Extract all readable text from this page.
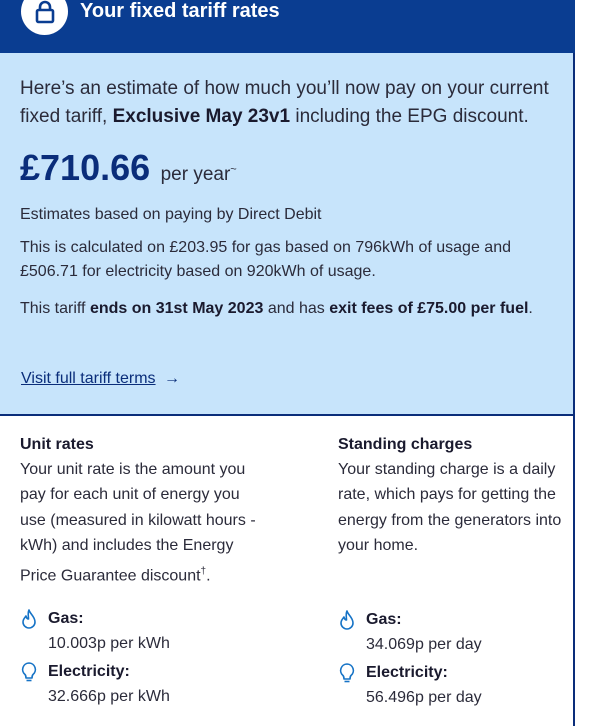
Your fixed tariff rates
Here’s an estimate of how much you’ll now pay on your current fixed tariff, Exclusive May 23v1 including the EPG discount.
£710.66 per year~
Estimates based on paying by Direct Debit
This is calculated on £203.95 for gas based on 796kWh of usage and £506.71 for electricity based on 920kWh of usage.
This tariff ends on 31st May 2023 and has exit fees of £75.00 per fuel.
Visit full tariff terms →
Unit rates

Your unit rate is the amount you pay for each unit of energy you use (measured in kilowatt hours - kWh) and includes the Energy Price Guarantee discount†.

Standing charges

Your standing charge is a daily rate, which pays for getting the energy from the generators into your home.

Gas:
10.003p per kWh
Electricity:
32.666p per kWh
Gas:
34.069p per day
Electricity:
56.496p per day
